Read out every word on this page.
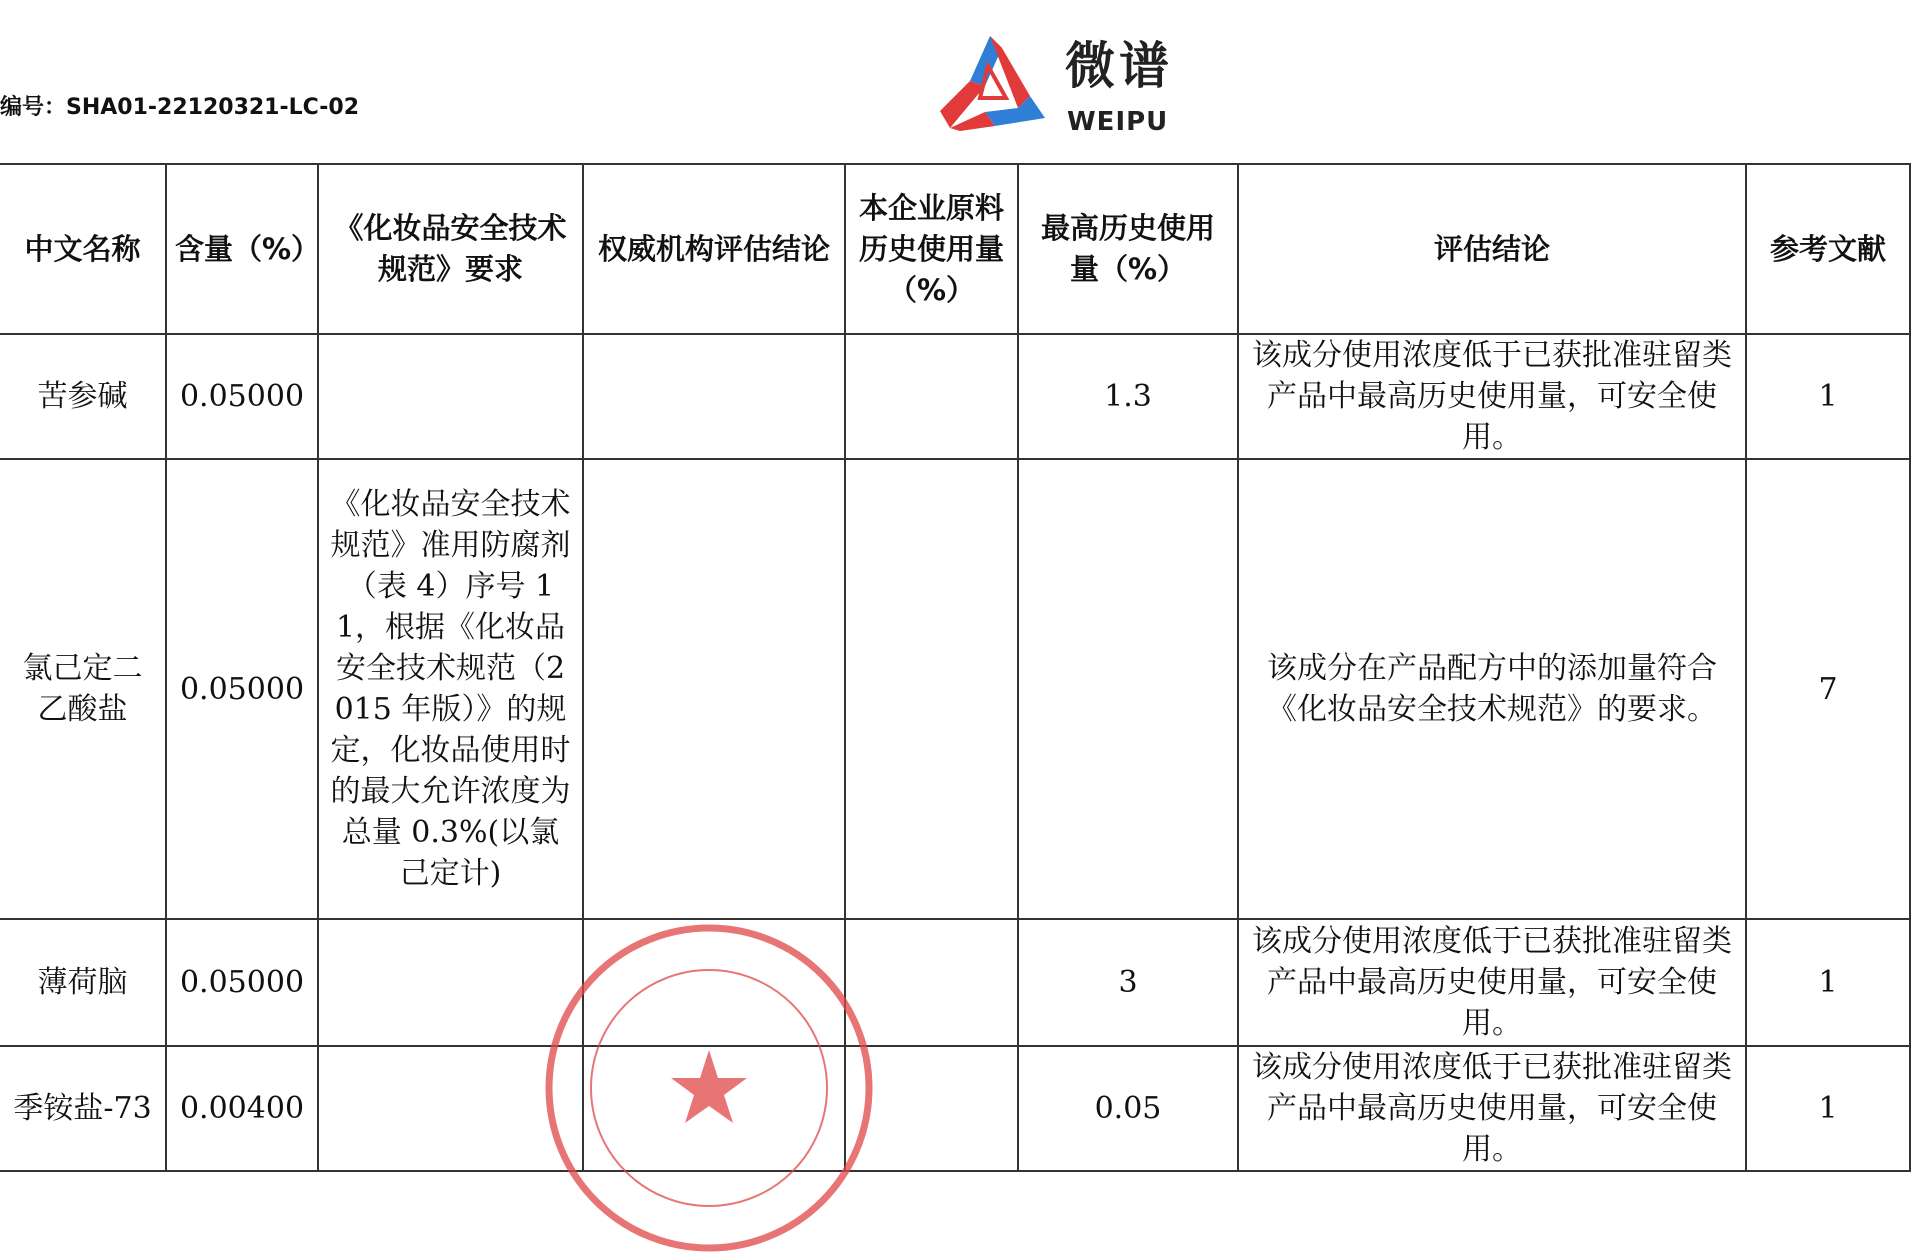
编号：SHA01-22120321-LC-02
微谱
WEIPU
中文名称	含量（%）	《化妆品安全技术规范》要求	权威机构评估结论	本企业原料历史使用量（%）	最高历史使用量（%）	评估结论	参考文献
苦参碱	0.05000				1.3	该成分使用浓度低于已获批准驻留类产品中最高历史使用量，可安全使用。	1
氯己定二乙酸盐	0.05000	《化妆品安全技术规范》准用防腐剂（表 4）序号 11，根据《化妆品安全技术规范（2015 年版）》的规定，化妆品使用时的最大允许浓度为总量 0.3%(以氯己定计)				该成分在产品配方中的添加量符合《化妆品安全技术规范》的要求。	7
薄荷脑	0.05000				3	该成分使用浓度低于已获批准驻留类产品中最高历史使用量，可安全使用。	1
季铵盐-73	0.00400				0.05	该成分使用浓度低于已获批准驻留类产品中最高历史使用量，可安全使用。	1
